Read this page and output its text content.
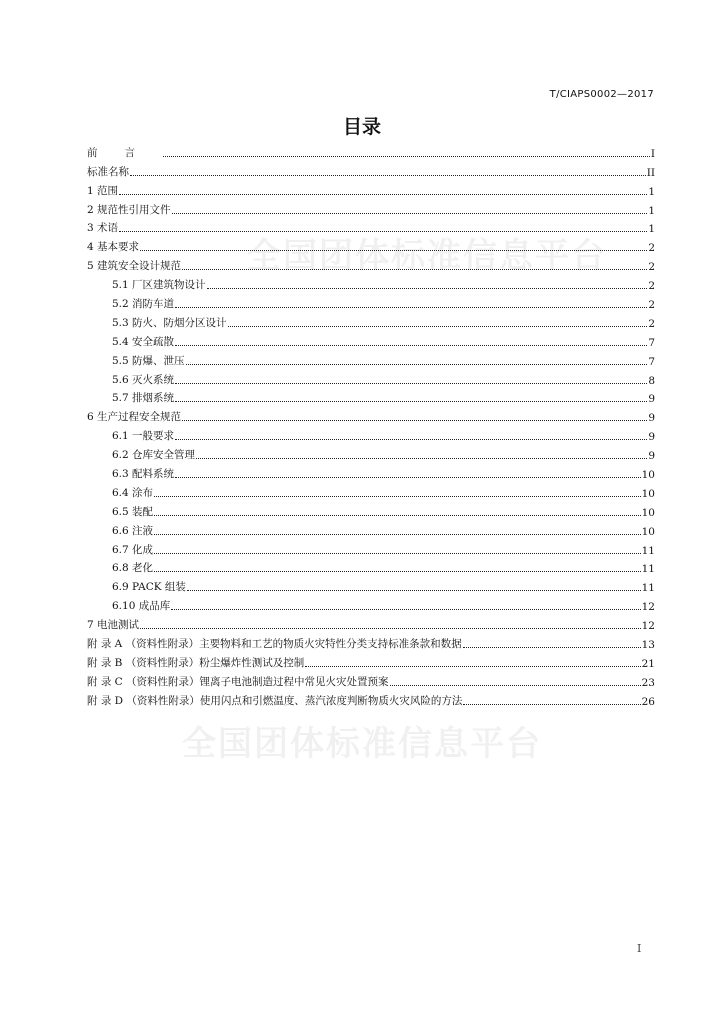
T/CIAPS0002—2017
目录
全国团体标准信息平台
全国团体标准信息平台
前言	I
标准名称	II
1 范围	1
2 规范性引用文件	1
3 术语	1
4 基本要求	2
5 建筑安全设计规范	2
5.1 厂区建筑物设计	2
5.2 消防车道	2
5.3 防火、防烟分区设计	2
5.4 安全疏散	7
5.5 防爆、泄压	7
5.6 灭火系统	8
5.7 排烟系统	9
6 生产过程安全规范	9
6.1 一般要求	9
6.2 仓库安全管理	9
6.3 配料系统	10
6.4 涂布	10
6.5 装配	10
6.6 注液	10
6.7 化成	11
6.8 老化	11
6.9 PACK 组装	11
6.10 成品库	12
7 电池测试	12
附 录 A （资料性附录）主要物料和工艺的物质火灾特性分类支持标准条款和数据	13
附 录 B （资料性附录）粉尘爆炸性测试及控制	21
附 录 C （资料性附录）锂离子电池制造过程中常见火灾处置预案	23
附 录 D （资料性附录）使用闪点和引燃温度、蒸汽浓度判断物质火灾风险的方法	26
I
